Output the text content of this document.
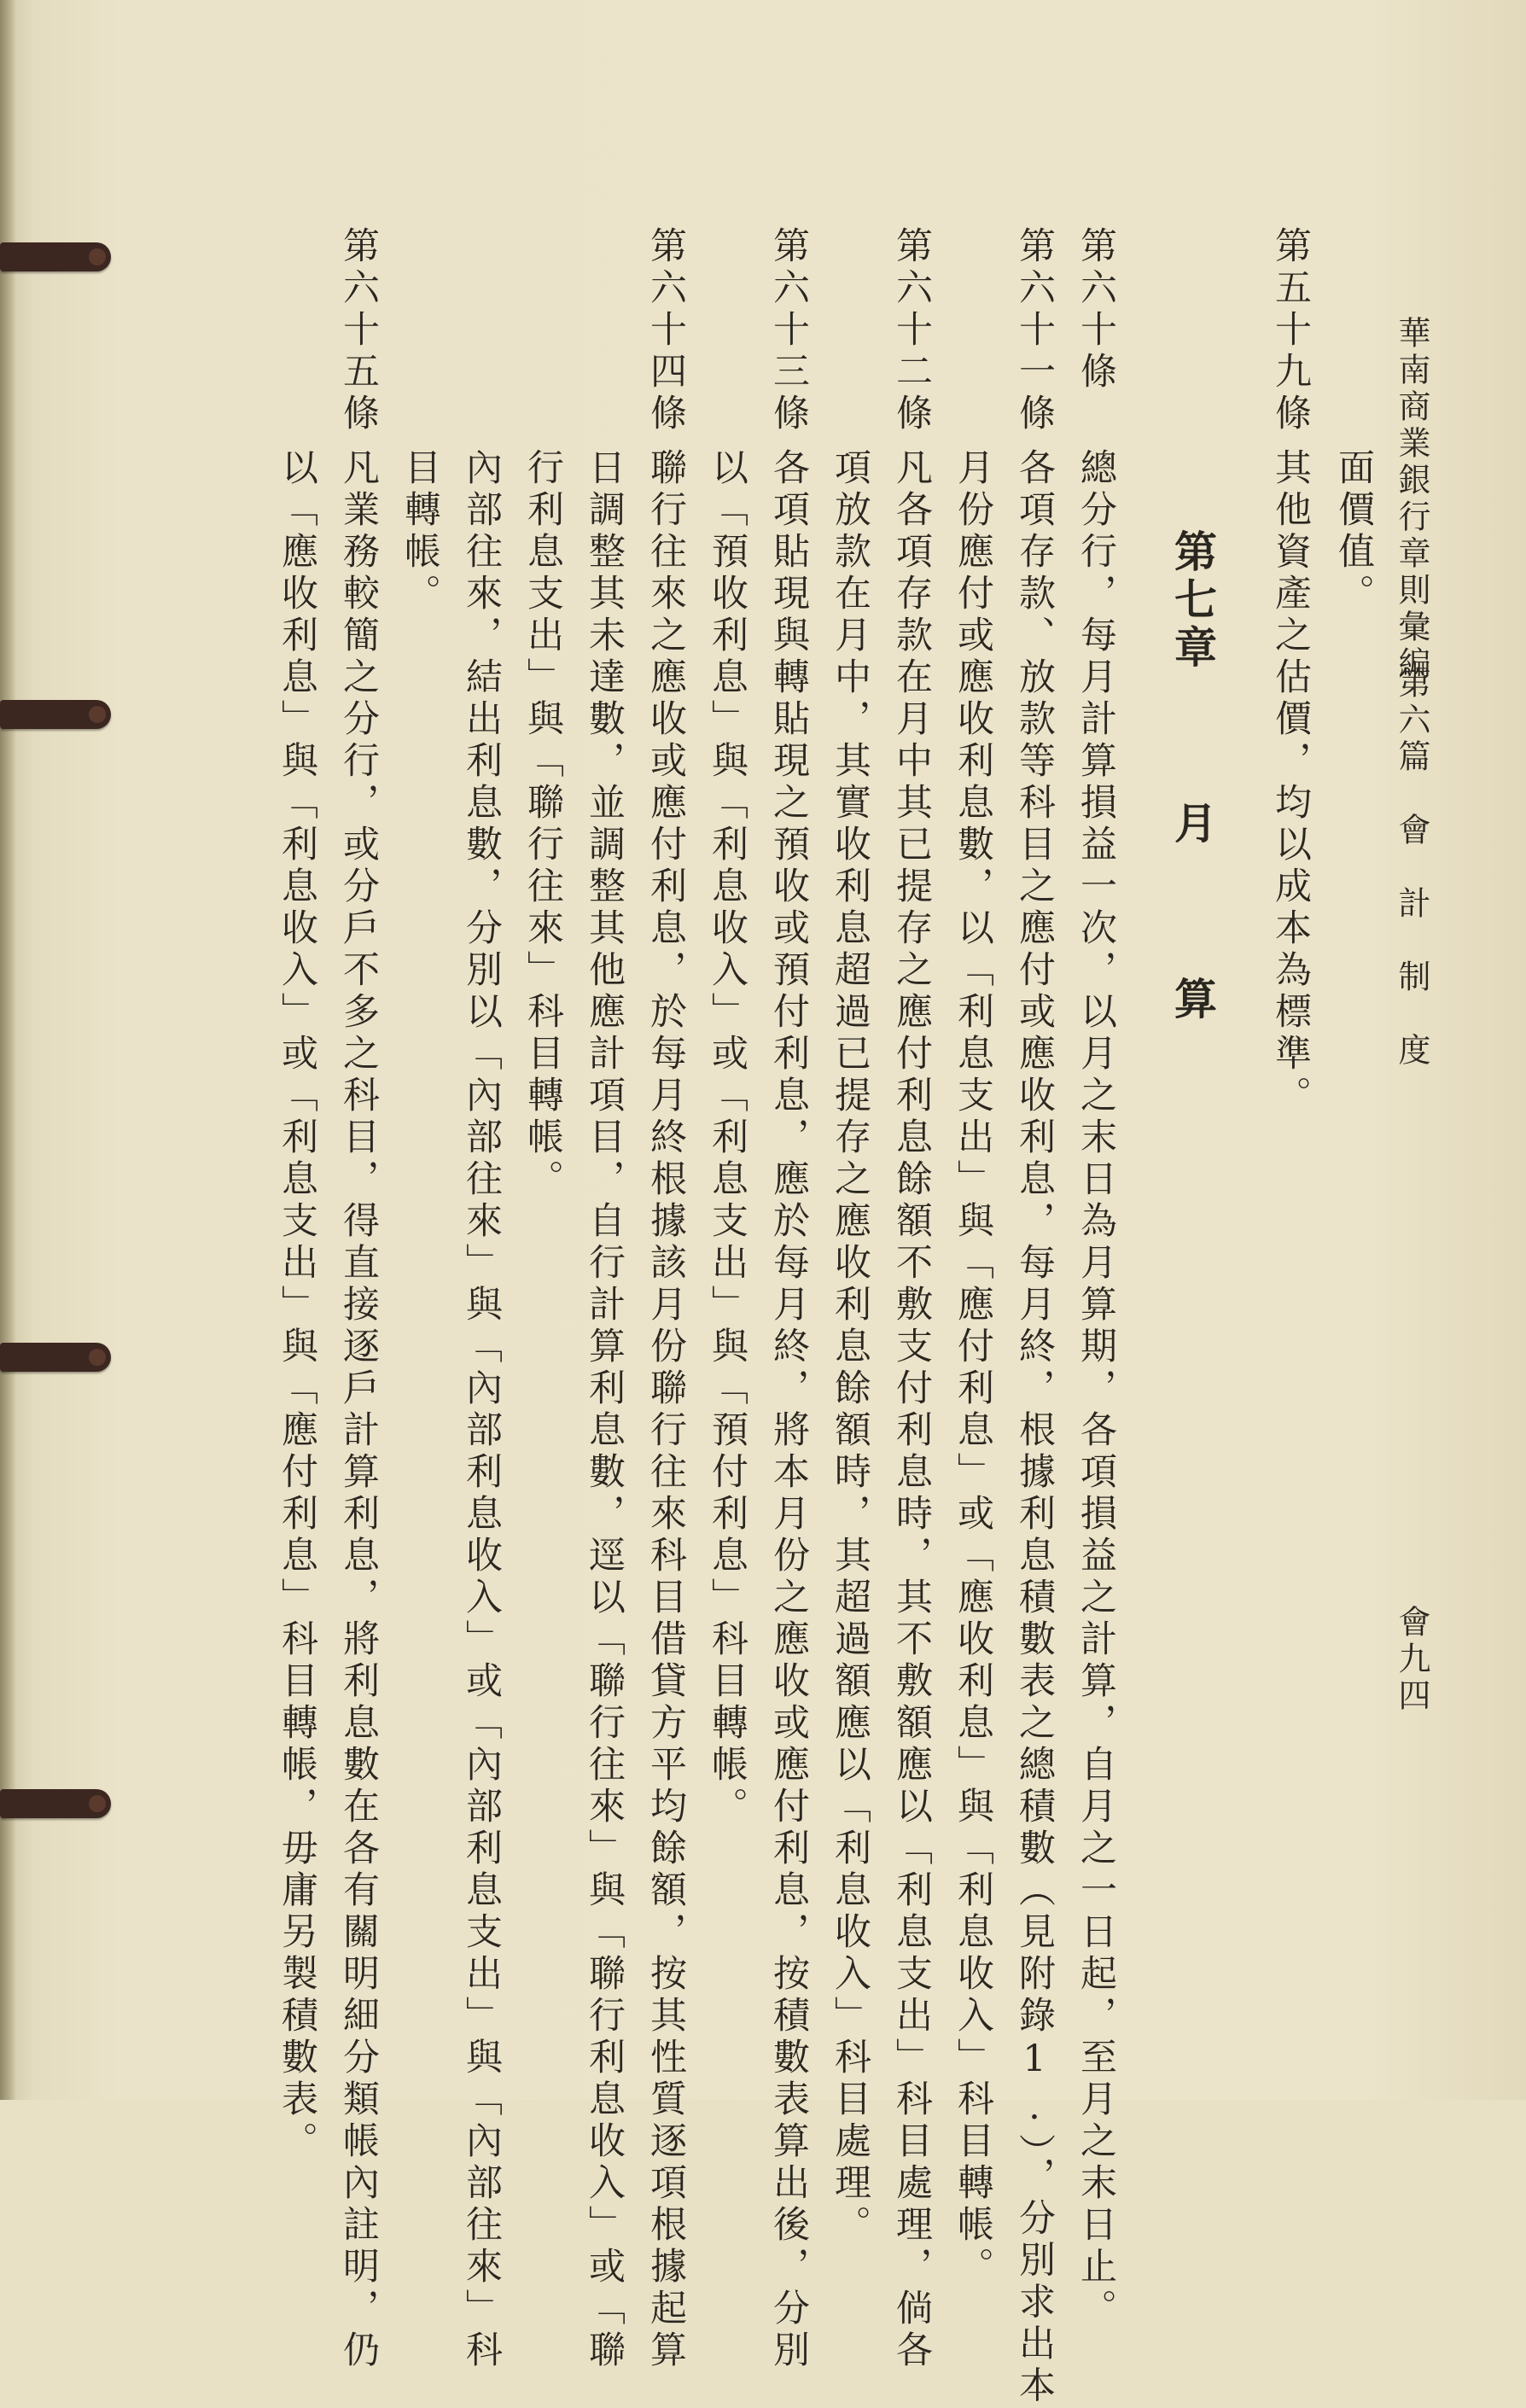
華南商業銀行章則彙編
第六篇　會　計　制　度
會九四
面價值。
第五十九條
其他資產之估價，均以成本為標準。
第七章月算
第六十條
總分行，每月計算損益一次，以月之末日為月算期，各項損益之計算，自月之一日起，至月之末日止。
第六十一條
各項存款、放款等科目之應付或應收利息，每月終，根據利息積數表之總積數（見附錄1.），分別求出本
月份應付或應收利息數，以「利息支出」與「應付利息」或「應收利息」與「利息收入」科目轉帳。
第六十二條
凡各項存款在月中其已提存之應付利息餘額不敷支付利息時，其不敷額應以「利息支出」科目處理，倘各
項放款在月中，其實收利息超過已提存之應收利息餘額時，其超過額應以「利息收入」科目處理。
第六十三條
各項貼現與轉貼現之預收或預付利息，應於每月終，將本月份之應收或應付利息，按積數表算出後，分別
以「預收利息」與「利息收入」或「利息支出」與「預付利息」科目轉帳。
第六十四條
聯行往來之應收或應付利息，於每月終根據該月份聯行往來科目借貸方平均餘額，按其性質逐項根據起算
日調整其未達數，並調整其他應計項目，自行計算利息數，逕以「聯行往來」與「聯行利息收入」或「聯
行利息支出」與「聯行往來」科目轉帳。
內部往來，結出利息數，分別以「內部往來」與「內部利息收入」或「內部利息支出」與「內部往來」科
目轉帳。
第六十五條
凡業務較簡之分行，或分戶不多之科目，得直接逐戶計算利息，將利息數在各有關明細分類帳內註明，仍
以「應收利息」與「利息收入」或「利息支出」與「應付利息」科目轉帳，毋庸另製積數表。
